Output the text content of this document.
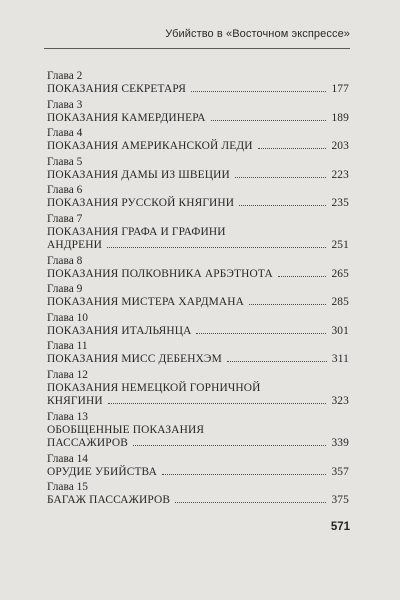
Убийство в «Восточном экспрессе»
Глава 2
ПОКАЗАНИЯ СЕКРЕТАРЯ	177
Глава 3
ПОКАЗАНИЯ КАМЕРДИНЕРА	189
Глава 4
ПОКАЗАНИЯ АМЕРИКАНСКОЙ ЛЕДИ	203
Глава 5
ПОКАЗАНИЯ ДАМЫ ИЗ ШВЕЦИИ	223
Глава 6
ПОКАЗАНИЯ РУССКОЙ КНЯГИНИ	235
Глава 7
ПОКАЗАНИЯ ГРАФА И ГРАФИНИ
АНДРЕНИ	251
Глава 8
ПОКАЗАНИЯ ПОЛКОВНИКА АРБЭТНОТА	265
Глава 9
ПОКАЗАНИЯ МИСТЕРА ХАРДМАНА	285
Глава 10
ПОКАЗАНИЯ ИТАЛЬЯНЦА	301
Глава 11
ПОКАЗАНИЯ МИСС ДЕБЕНХЭМ	311
Глава 12
ПОКАЗАНИЯ НЕМЕЦКОЙ ГОРНИЧНОЙ
КНЯГИНИ	323
Глава 13
ОБОБЩЕННЫЕ ПОКАЗАНИЯ
ПАССАЖИРОВ	339
Глава 14
ОРУДИЕ УБИЙСТВА	357
Глава 15
БАГАЖ ПАССАЖИРОВ	375
571
